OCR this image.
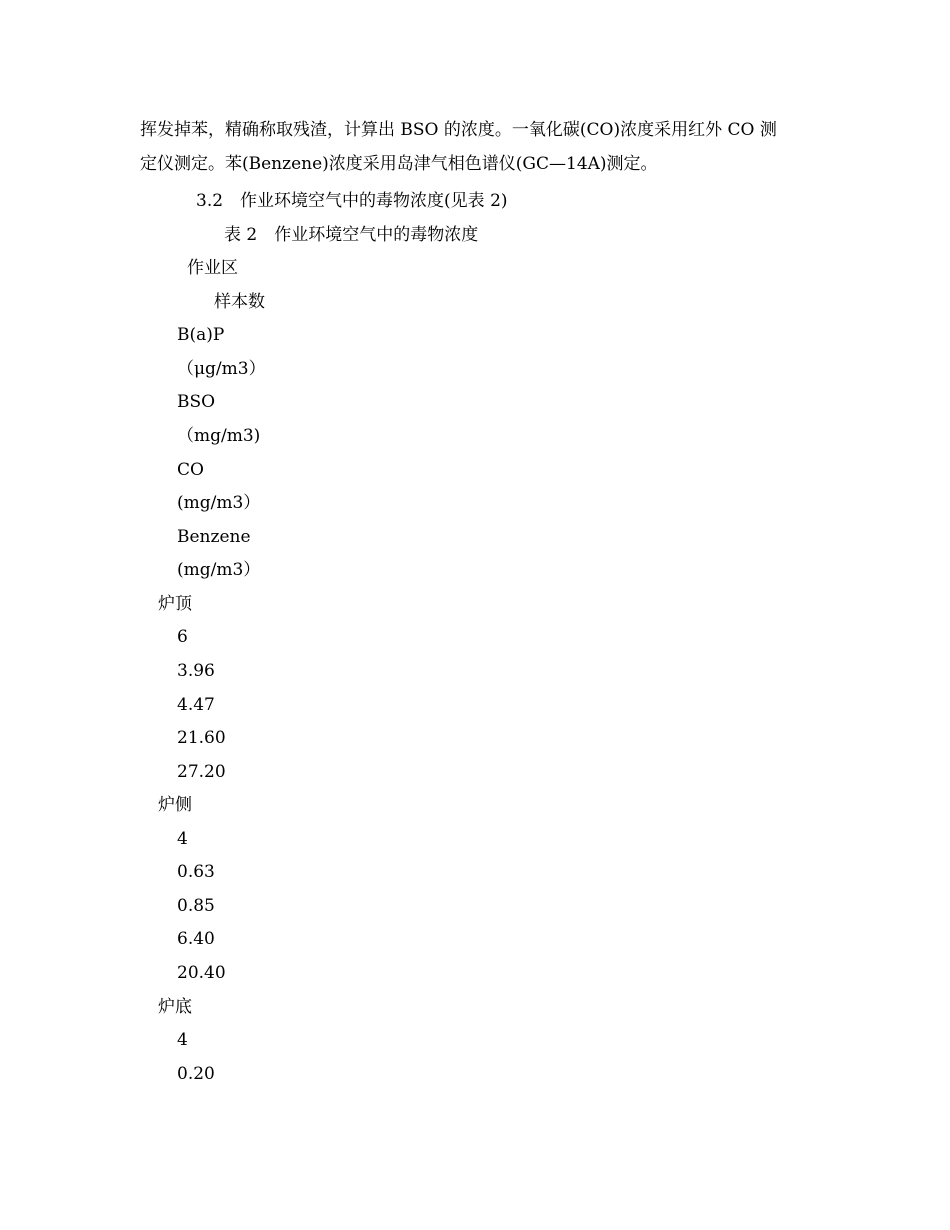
挥发掉苯，精确称取残渣，计算出 BSO 的浓度。一氧化碳(CO)浓度采用红外 CO 测
定仪测定。苯(Benzene)浓度采用岛津气相色谱仪(GC—14A)测定。
3.2　作业环境空气中的毒物浓度(见表 2)
表 2　作业环境空气中的毒物浓度
作业区
样本数
B(a)P
（μg/m3）
BSO
（mg/m3)
CO
(mg/m3）
Benzene
(mg/m3）
炉顶
6
3.96
4.47
21.60
27.20
炉侧
4
0.63
0.85
6.40
20.40
炉底
4
0.20
